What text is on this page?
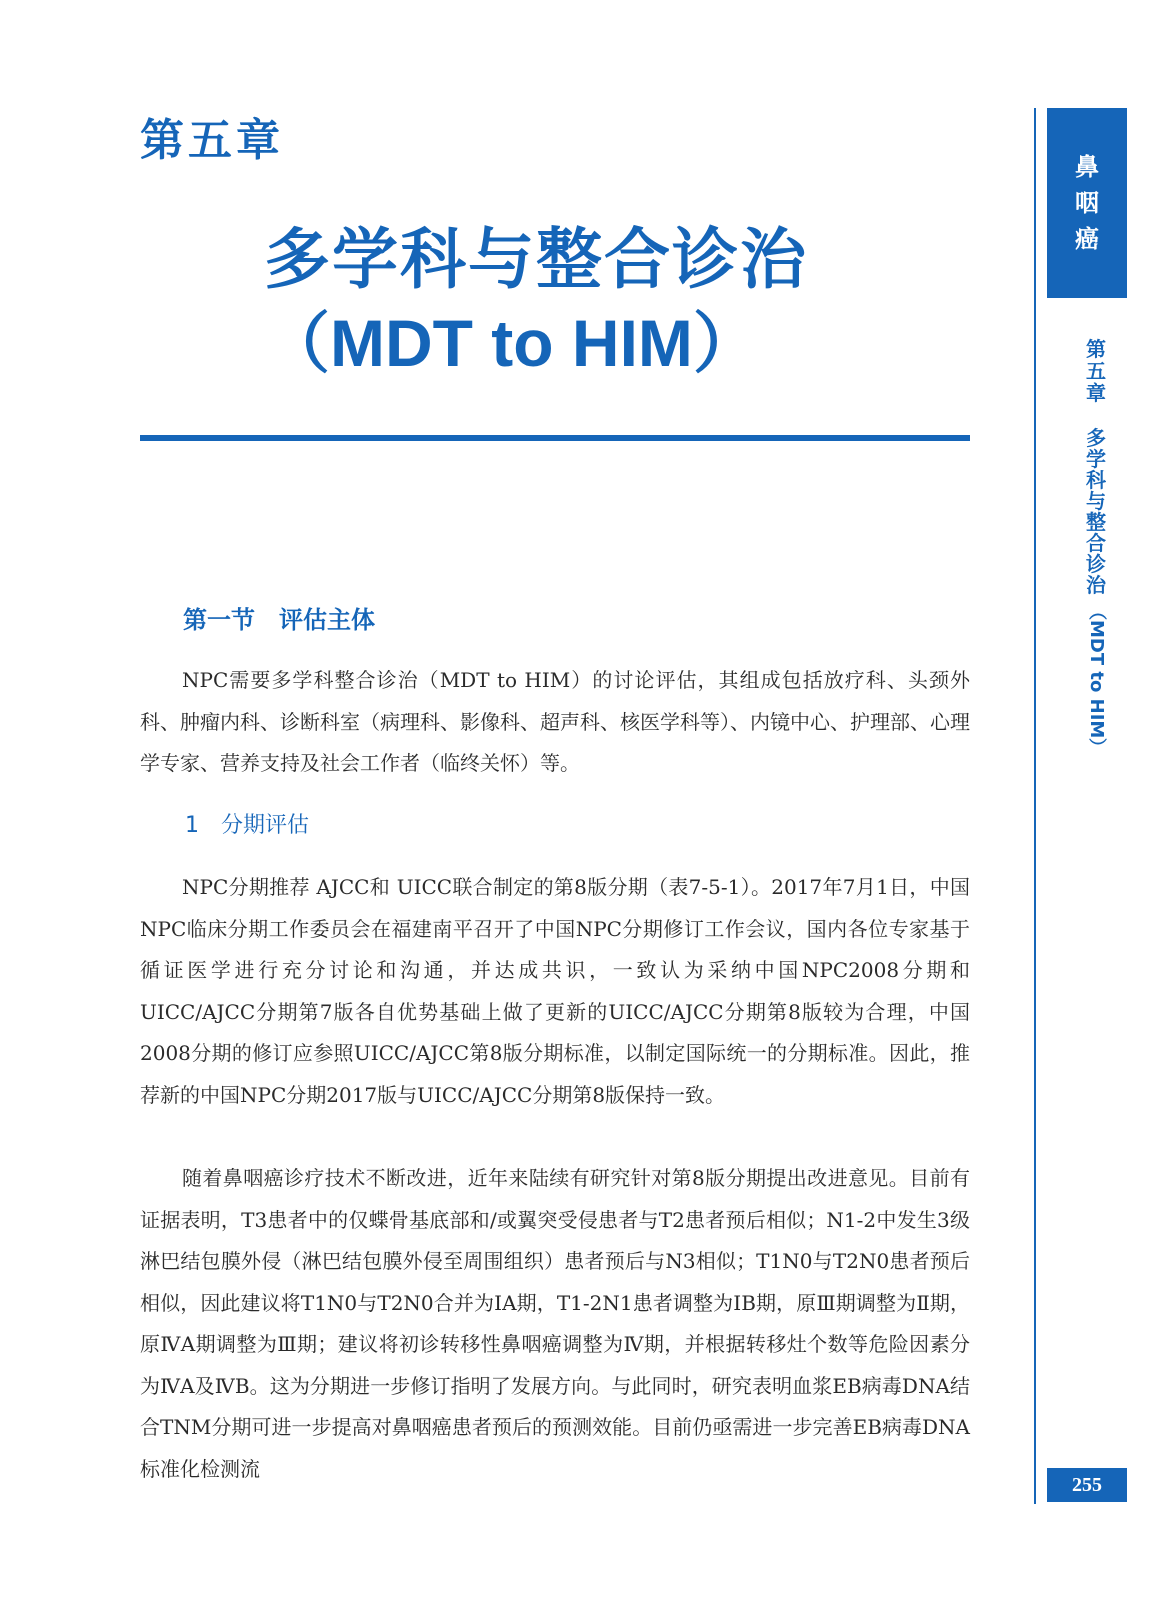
第五章
多学科与整合诊治
（MDT to HIM）
鼻
咽
癌
第
五
章
多
学
科
与
整
合
诊
治
（MDT to HIM）
255
第一节　评估主体

NPC需要多学科整合诊治（MDT to HIM）的讨论评估，其组成包括放疗科、头颈外科、肿瘤内科、诊断科室（病理科、影像科、超声科、核医学科等）、内镜中心、护理部、心理学专家、营养支持及社会工作者（临终关怀）等。

1　分期评估

NPC分期推荐 AJCC和 UICC联合制定的第8版分期（表7-5-1）。2017年7月1日，中国NPC临床分期工作委员会在福建南平召开了中国NPC分期修订工作会议，国内各位专家基于循证医学进行充分讨论和沟通，并达成共识，一致认为采纳中国NPC2008分期和UICC/AJCC分期第7版各自优势基础上做了更新的UICC/AJCC分期第8版较为合理，中国2008分期的修订应参照UICC/AJCC第8版分期标准，以制定国际统一的分期标准。因此，推荐新的中国NPC分期2017版与UICC/AJCC分期第8版保持一致。

随着鼻咽癌诊疗技术不断改进，近年来陆续有研究针对第8版分期提出改进意见。目前有证据表明，T3患者中的仅蝶骨基底部和/或翼突受侵患者与T2患者预后相似；N1-2中发生3级淋巴结包膜外侵（淋巴结包膜外侵至周围组织）患者预后与N3相似；T1N0与T2N0患者预后相似，因此建议将T1N0与T2N0合并为ⅠA期，T1-2N1患者调整为ⅠB期，原Ⅲ期调整为Ⅱ期，原ⅣA期调整为Ⅲ期；建议将初诊转移性鼻咽癌调整为Ⅳ期，并根据转移灶个数等危险因素分为ⅣA及ⅣB。这为分期进一步修订指明了发展方向。与此同时，研究表明血浆EB病毒DNA结合TNM分期可进一步提高对鼻咽癌患者预后的预测效能。目前仍亟需进一步完善EB病毒DNA标准化检测流
